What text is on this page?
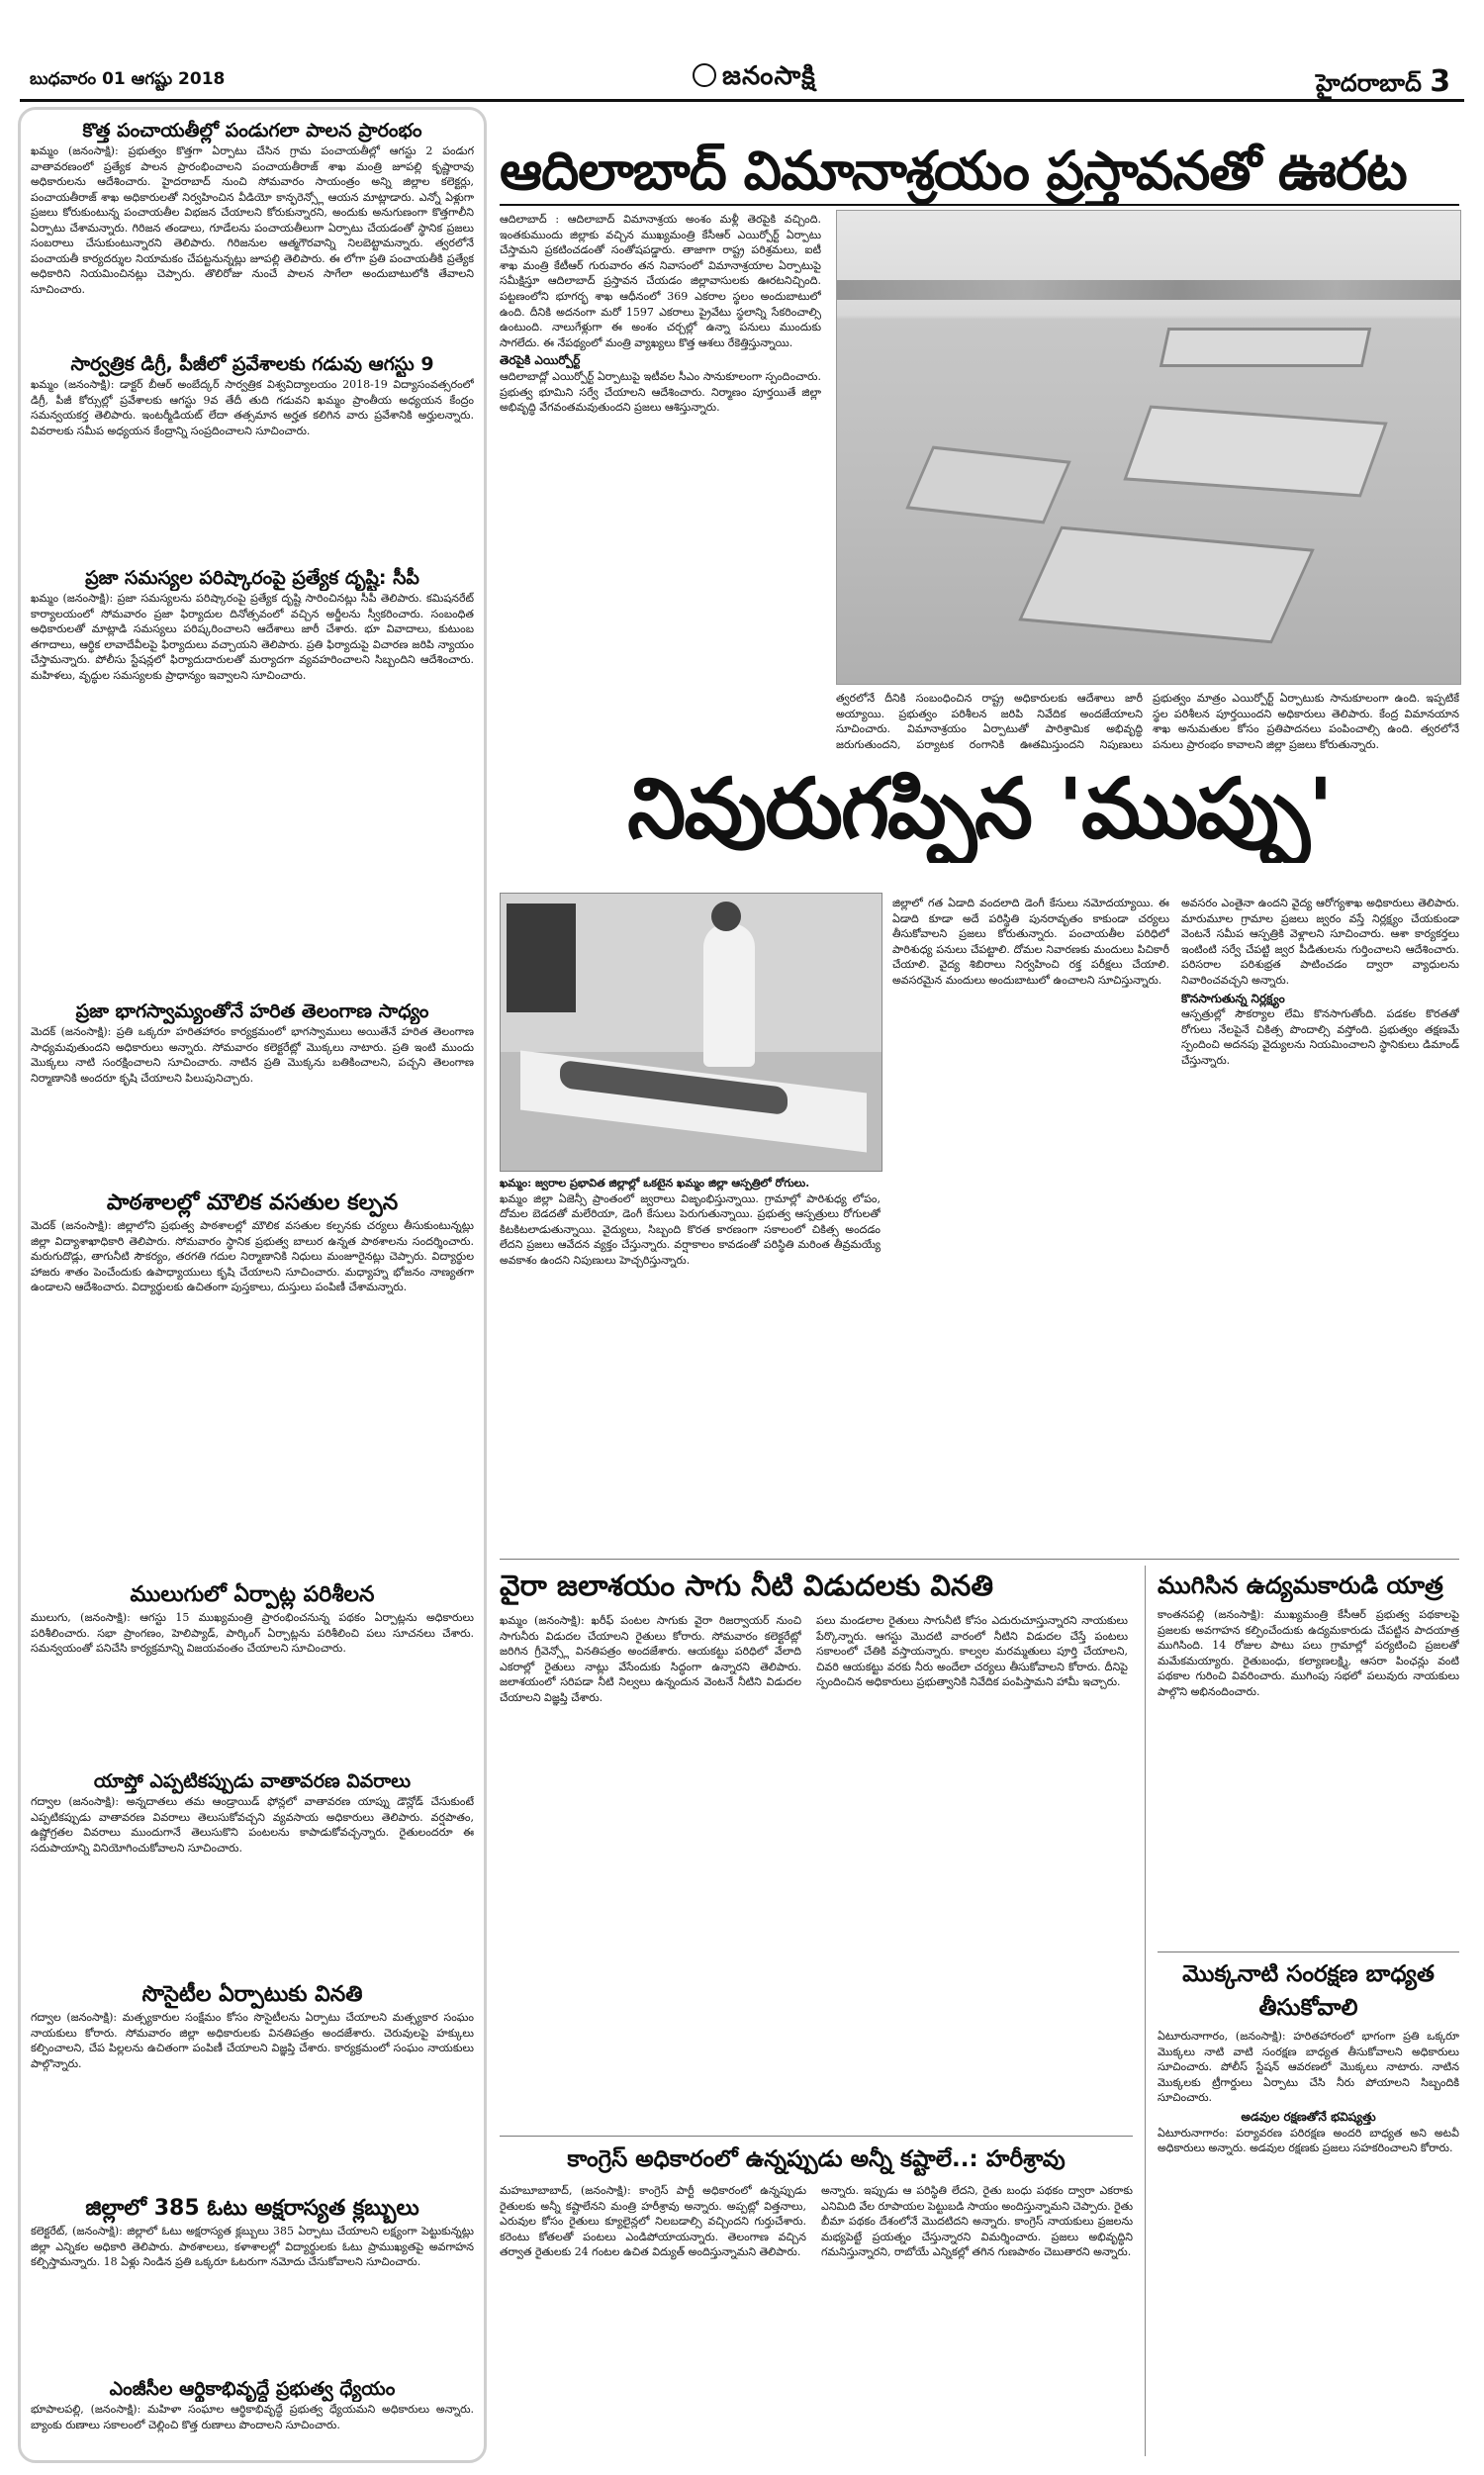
బుధవారం 01 ఆగష్టు 2018	జనంసాక్షి	హైదరాబాద్ 3
కొత్త పంచాయతీల్లో పండుగలా పాలన ప్రారంభం
ఖమ్మం (జనంసాక్షి): ప్రభుత్వం కొత్తగా ఏర్పాటు చేసిన గ్రామ పంచాయతీల్లో ఆగస్టు 2 పండుగ వాతావరణంలో ప్రత్యేక పాలన ప్రారంభించాలని పంచాయతీరాజ్ శాఖ మంత్రి జూపల్లి కృష్ణారావు అధికారులను ఆదేశించారు. హైదరాబాద్ నుంచి సోమవారం సాయంత్రం అన్ని జిల్లాల కలెక్టర్లు, పంచాయతీరాజ్ శాఖ అధికారులతో నిర్వహించిన వీడియో కాన్ఫరెన్స్లో ఆయన మాట్లాడారు. ఎన్నో ఏళ్లుగా ప్రజలు కోరుకుంటున్న పంచాయతీల విభజన చేయాలని కోరుకున్నారని, అందుకు అనుగుణంగా కొత్తగాలీని ఏర్పాటు చేశామన్నారు. గిరిజన తండాలు, గూడేలను పంచాయతీలుగా ఏర్పాటు చేయడంతో స్థానిక ప్రజలు సంబరాలు చేసుకుంటున్నారని తెలిపారు. గిరిజనుల ఆత్మగౌరవాన్ని నిలబెట్టామన్నారు. త్వరలోనే పంచాయతీ కార్యదర్శుల నియామకం చేపట్టనున్నట్లు జూపల్లి తెలిపారు. ఈ లోగా ప్రతి పంచాయతీకి ప్రత్యేక అధికారిని నియమించినట్లు చెప్పారు. తొలిరోజు నుంచే పాలన సాగేలా అందుబాటులోకి తేవాలని సూచించారు.
సార్వత్రిక డిగ్రీ, పీజీలో ప్రవేశాలకు గడువు ఆగస్టు 9
ఖమ్మం (జనంసాక్షి): డాక్టర్ బీఆర్ అంబేద్కర్ సార్వత్రిక విశ్వవిద్యాలయం 2018-19 విద్యాసంవత్సరంలో డిగ్రీ, పీజీ కోర్సుల్లో ప్రవేశాలకు ఆగస్టు 9వ తేదీ తుది గడువని ఖమ్మం ప్రాంతీయ అధ్యయన కేంద్రం సమన్వయకర్త తెలిపారు. ఇంటర్మీడియట్ లేదా తత్సమాన అర్హత కలిగిన వారు ప్రవేశానికి అర్హులన్నారు. వివరాలకు సమీప అధ్యయన కేంద్రాన్ని సంప్రదించాలని సూచించారు.
ప్రజా సమస్యల పరిష్కారంపై ప్రత్యేక దృష్టి: సీపీ
ఖమ్మం (జనంసాక్షి): ప్రజా సమస్యలను పరిష్కారంపై ప్రత్యేక దృష్టి సారించినట్లు సీపీ తెలిపారు. కమిషనరేట్ కార్యాలయంలో సోమవారం ప్రజా ఫిర్యాదుల దినోత్సవంలో వచ్చిన అర్జీలను స్వీకరించారు. సంబంధిత అధికారులతో మాట్లాడి సమస్యలు పరిష్కరించాలని ఆదేశాలు జారీ చేశారు. భూ వివాదాలు, కుటుంబ తగాదాలు, ఆర్థిక లావాదేవీలపై ఫిర్యాదులు వచ్చాయని తెలిపారు. ప్రతి ఫిర్యాదుపై విచారణ జరిపి న్యాయం చేస్తామన్నారు. పోలీసు స్టేషన్లలో ఫిర్యాదుదారులతో మర్యాదగా వ్యవహరించాలని సిబ్బందిని ఆదేశించారు. మహిళలు, వృద్ధుల సమస్యలకు ప్రాధాన్యం ఇవ్వాలని సూచించారు.
ప్రజా భాగస్వామ్యంతోనే హరిత తెలంగాణ సాధ్యం
మెదక్ (జనంసాక్షి): ప్రతి ఒక్కరూ హరితహారం కార్యక్రమంలో భాగస్వాములు అయితేనే హరిత తెలంగాణ సాధ్యమవుతుందని అధికారులు అన్నారు. సోమవారం కలెక్టరేట్లో మొక్కలు నాటారు. ప్రతి ఇంటి ముందు మొక్కలు నాటి సంరక్షించాలని సూచించారు. నాటిన ప్రతి మొక్కను బతికించాలని, పచ్చని తెలంగాణ నిర్మాణానికి అందరూ కృషి చేయాలని పిలుపునిచ్చారు.
పాఠశాలల్లో మౌలిక వసతుల కల్పన
మెదక్ (జనంసాక్షి): జిల్లాలోని ప్రభుత్వ పాఠశాలల్లో మౌలిక వసతుల కల్పనకు చర్యలు తీసుకుంటున్నట్లు జిల్లా విద్యాశాఖాధికారి తెలిపారు. సోమవారం స్థానిక ప్రభుత్వ బాలుర ఉన్నత పాఠశాలను సందర్శించారు. మరుగుదొడ్లు, తాగునీటి సౌకర్యం, తరగతి గదుల నిర్మాణానికి నిధులు మంజూరైనట్లు చెప్పారు. విద్యార్థుల హాజరు శాతం పెంచేందుకు ఉపాధ్యాయులు కృషి చేయాలని సూచించారు. మధ్యాహ్న భోజనం నాణ్యతగా ఉండాలని ఆదేశించారు. విద్యార్థులకు ఉచితంగా పుస్తకాలు, దుస్తులు పంపిణీ చేశామన్నారు.
ములుగులో ఏర్పాట్ల పరిశీలన
ములుగు, (జనంసాక్షి): ఆగస్టు 15 ముఖ్యమంత్రి ప్రారంభించనున్న పథకం ఏర్పాట్లను అధికారులు పరిశీలించారు. సభా ప్రాంగణం, హెలిప్యాడ్, పార్కింగ్ ఏర్పాట్లను పరిశీలించి పలు సూచనలు చేశారు. సమన్వయంతో పనిచేసి కార్యక్రమాన్ని విజయవంతం చేయాలని సూచించారు.
యాప్తో ఎప్పటికప్పుడు వాతావరణ వివరాలు
గద్వాల (జనంసాక్షి): అన్నదాతలు తమ ఆండ్రాయిడ్ ఫోన్లలో వాతావరణ యాప్ను డౌన్లోడ్ చేసుకుంటే ఎప్పటికప్పుడు వాతావరణ వివరాలు తెలుసుకోవచ్చని వ్యవసాయ అధికారులు తెలిపారు. వర్షపాతం, ఉష్ణోగ్రతల వివరాలు ముందుగానే తెలుసుకొని పంటలను కాపాడుకోవచ్చన్నారు. రైతులందరూ ఈ సదుపాయాన్ని వినియోగించుకోవాలని సూచించారు.
సొసైటీల ఏర్పాటుకు వినతి
గద్వాల (జనంసాక్షి): మత్స్యకారుల సంక్షేమం కోసం సొసైటీలను ఏర్పాటు చేయాలని మత్స్యకార సంఘం నాయకులు కోరారు. సోమవారం జిల్లా అధికారులకు వినతిపత్రం అందజేశారు. చెరువులపై హక్కులు కల్పించాలని, చేప పిల్లలను ఉచితంగా పంపిణీ చేయాలని విజ్ఞప్తి చేశారు. కార్యక్రమంలో సంఘం నాయకులు పాల్గొన్నారు.
జిల్లాలో 385 ఓటు అక్షరాస్యత క్లబ్బులు
కలెక్టరేట్, (జనంసాక్షి): జిల్లాలో ఓటు అక్షరాస్యత క్లబ్బులు 385 ఏర్పాటు చేయాలని లక్ష్యంగా పెట్టుకున్నట్లు జిల్లా ఎన్నికల అధికారి తెలిపారు. పాఠశాలలు, కళాశాలల్లో విద్యార్థులకు ఓటు ప్రాముఖ్యతపై అవగాహన కల్పిస్తామన్నారు. 18 ఏళ్లు నిండిన ప్రతి ఒక్కరూ ఓటరుగా నమోదు చేసుకోవాలని సూచించారు.
ఎంజీసీల ఆర్థికాభివృద్దే ప్రభుత్వ ధ్యేయం
భూపాలపల్లి, (జనంసాక్షి): మహిళా సంఘాల ఆర్థికాభివృద్ధే ప్రభుత్వ ధ్యేయమని అధికారులు అన్నారు. బ్యాంకు రుణాలు సకాలంలో చెల్లించి కొత్త రుణాలు పొందాలని సూచించారు.
ఆదిలాబాద్ విమానాశ్రయం ప్రస్తావనతో ఊరట
ఆదిలాబాద్ : ఆదిలాబాద్ విమానాశ్రయ అంశం మళ్లీ తెరపైకి వచ్చింది. ఇంతకుముందు జిల్లాకు వచ్చిన ముఖ్యమంత్రి కేసీఆర్ ఎయిర్పోర్ట్ ఏర్పాటు చేస్తామని ప్రకటించడంతో సంతోషపడ్డారు. తాజాగా రాష్ట్ర పరిశ్రమలు, ఐటీ శాఖ మంత్రి కేటీఆర్ గురువారం తన నివాసంలో విమానాశ్రయాల ఏర్పాటుపై సమీక్షిస్తూ ఆదిలాబాద్ ప్రస్తావన చేయడం జిల్లావాసులకు ఊరటనిచ్చింది. పట్టణంలోని భూగర్భ శాఖ ఆధీనంలో 369 ఎకరాల స్థలం అందుబాటులో ఉంది. దీనికి అదనంగా మరో 1597 ఎకరాలు ప్రైవేటు స్థలాన్ని సేకరించాల్సి ఉంటుంది. నాలుగేళ్లుగా ఈ అంశం చర్చల్లో ఉన్నా పనులు ముందుకు సాగలేదు. ఈ నేపథ్యంలో మంత్రి వ్యాఖ్యలు కొత్త ఆశలు రేకెత్తిస్తున్నాయి.
తెరపైకి ఎయిర్పోర్ట్
ఆదిలాబాద్లో ఎయిర్పోర్ట్ ఏర్పాటుపై ఇటీవల సీఎం సానుకూలంగా స్పందించారు. ప్రభుత్వ భూమిని సర్వే చేయాలని ఆదేశించారు. నిర్మాణం పూర్తయితే జిల్లా అభివృద్ధి వేగవంతమవుతుందని ప్రజలు ఆశిస్తున్నారు.
త్వరలోనే దీనికి సంబంధించిన రాష్ట్ర అధికారులకు ఆదేశాలు జారీ అయ్యాయి. ప్రభుత్వం పరిశీలన జరిపి నివేదిక అందజేయాలని సూచించారు. విమానాశ్రయం ఏర్పాటుతో పారిశ్రామిక అభివృద్ధి జరుగుతుందని, పర్యాటక రంగానికి ఊతమిస్తుందని నిపుణులు
ప్రభుత్వం మాత్రం ఎయిర్పోర్ట్ ఏర్పాటుకు సానుకూలంగా ఉంది. ఇప్పటికే స్థల పరిశీలన పూర్తయిందని అధికారులు తెలిపారు. కేంద్ర విమానయాన శాఖ అనుమతుల కోసం ప్రతిపాదనలు పంపించాల్సి ఉంది. త్వరలోనే పనులు ప్రారంభం కావాలని జిల్లా ప్రజలు కోరుతున్నారు.
నివురుగప్పిన 'ముప్పు'
ఖమ్మం: జ్వరాల ప్రభావిత జిల్లాల్లో ఒకటైన ఖమ్మం జిల్లా ఆస్పత్రిలో రోగులు.
ఖమ్మం జిల్లా ఏజెన్సీ ప్రాంతంలో జ్వరాలు విజృంభిస్తున్నాయి. గ్రామాల్లో పారిశుధ్య లోపం, దోమల బెడదతో మలేరియా, డెంగీ కేసులు పెరుగుతున్నాయి. ప్రభుత్వ ఆస్పత్రులు రోగులతో కిటకిటలాడుతున్నాయి. వైద్యులు, సిబ్బంది కొరత కారణంగా సకాలంలో చికిత్స అందడం లేదని ప్రజలు ఆవేదన వ్యక్తం చేస్తున్నారు. వర్షాకాలం కావడంతో పరిస్థితి మరింత తీవ్రమయ్యే అవకాశం ఉందని నిపుణులు హెచ్చరిస్తున్నారు.
జిల్లాలో గత ఏడాది వందలాది డెంగీ కేసులు నమోదయ్యాయి. ఈ ఏడాది కూడా అదే పరిస్థితి పునరావృతం కాకుండా చర్యలు తీసుకోవాలని ప్రజలు కోరుతున్నారు. పంచాయతీల పరిధిలో పారిశుధ్య పనులు చేపట్టాలి. దోమల నివారణకు మందులు పిచికారీ చేయాలి. వైద్య శిబిరాలు నిర్వహించి రక్త పరీక్షలు చేయాలి. అవసరమైన మందులు అందుబాటులో ఉంచాలని సూచిస్తున్నారు.
అవసరం ఎంతైనా ఉందని వైద్య ఆరోగ్యశాఖ అధికారులు తెలిపారు. మారుమూల గ్రామాల ప్రజలు జ్వరం వస్తే నిర్లక్ష్యం చేయకుండా వెంటనే సమీప ఆస్పత్రికి వెళ్లాలని సూచించారు. ఆశా కార్యకర్తలు ఇంటింటి సర్వే చేపట్టి జ్వర పీడితులను గుర్తించాలని ఆదేశించారు. పరిసరాల పరిశుభ్రత పాటించడం ద్వారా వ్యాధులను నివారించవచ్చని అన్నారు.
కొనసాగుతున్న నిర్లక్ష్యం
ఆస్పత్రుల్లో సౌకర్యాల లేమి కొనసాగుతోంది. పడకల కొరతతో రోగులు నేలపైనే చికిత్స పొందాల్సి వస్తోంది. ప్రభుత్వం తక్షణమే స్పందించి అదనపు వైద్యులను నియమించాలని స్థానికులు డిమాండ్ చేస్తున్నారు.
వైరా జలాశయం సాగు నీటి విడుదలకు వినతి
ఖమ్మం (జనంసాక్షి): ఖరీఫ్ పంటల సాగుకు వైరా రిజర్వాయర్ నుంచి సాగునీరు విడుదల చేయాలని రైతులు కోరారు. సోమవారం కలెక్టరేట్లో జరిగిన గ్రీవెన్స్లో వినతిపత్రం అందజేశారు. ఆయకట్టు పరిధిలో వేలాది ఎకరాల్లో రైతులు నాట్లు వేసేందుకు సిద్ధంగా ఉన్నారని తెలిపారు. జలాశయంలో సరిపడా నీటి నిల్వలు ఉన్నందున వెంటనే నీటిని విడుదల చేయాలని విజ్ఞప్తి చేశారు.
పలు మండలాల రైతులు సాగునీటి కోసం ఎదురుచూస్తున్నారని నాయకులు పేర్కొన్నారు. ఆగస్టు మొదటి వారంలో నీటిని విడుదల చేస్తే పంటలు సకాలంలో చేతికి వస్తాయన్నారు. కాల్వల మరమ్మతులు పూర్తి చేయాలని, చివరి ఆయకట్టు వరకు నీరు అందేలా చర్యలు తీసుకోవాలని కోరారు. దీనిపై స్పందించిన అధికారులు ప్రభుత్వానికి నివేదిక పంపిస్తామని హామీ ఇచ్చారు.
ముగిసిన ఉద్యమకారుడి యాత్ర
కాంతనపల్లి (జనంసాక్షి): ముఖ్యమంత్రి కేసీఆర్ ప్రభుత్వ పథకాలపై ప్రజలకు అవగాహన కల్పించేందుకు ఉద్యమకారుడు చేపట్టిన పాదయాత్ర ముగిసింది. 14 రోజుల పాటు పలు గ్రామాల్లో పర్యటించి ప్రజలతో మమేకమయ్యారు. రైతుబంధు, కల్యాణలక్ష్మి, ఆసరా పింఛన్లు వంటి పథకాల గురించి వివరించారు. ముగింపు సభలో పలువురు నాయకులు పాల్గొని అభినందించారు.
మొక్కనాటి సంరక్షణ బాధ్యత తీసుకోవాలి
ఏటూరునాగారం, (జనంసాక్షి): హరితహారంలో భాగంగా ప్రతి ఒక్కరూ మొక్కలు నాటి వాటి సంరక్షణ బాధ్యత తీసుకోవాలని అధికారులు సూచించారు. పోలీస్ స్టేషన్ ఆవరణలో మొక్కలు నాటారు. నాటిన మొక్కలకు ట్రీగార్డులు ఏర్పాటు చేసి నీరు పోయాలని సిబ్బందికి సూచించారు.
అడవుల రక్షణతోనే భవిష్యత్తు
ఏటూరునాగారం: పర్యావరణ పరిరక్షణ అందరి బాధ్యత అని అటవీ అధికారులు అన్నారు. అడవుల రక్షణకు ప్రజలు సహకరించాలని కోరారు.
కాంగ్రెస్ అధికారంలో ఉన్నప్పుడు అన్నీ కష్టాలే..: హరీశ్రావు
మహబూబాబాద్, (జనంసాక్షి): కాంగ్రెస్ పార్టీ అధికారంలో ఉన్నప్పుడు రైతులకు అన్నీ కష్టాలేనని మంత్రి హరీశ్రావు అన్నారు. అప్పట్లో విత్తనాలు, ఎరువుల కోసం రైతులు క్యూలైన్లలో నిలబడాల్సి వచ్చిందని గుర్తుచేశారు. కరెంటు కోతలతో పంటలు ఎండిపోయాయన్నారు. తెలంగాణ వచ్చిన తర్వాత రైతులకు 24 గంటల ఉచిత విద్యుత్ అందిస్తున్నామని తెలిపారు.
అన్నారు. ఇప్పుడు ఆ పరిస్థితి లేదని, రైతు బంధు పథకం ద్వారా ఎకరాకు ఎనిమిది వేల రూపాయల పెట్టుబడి సాయం అందిస్తున్నామని చెప్పారు. రైతు బీమా పథకం దేశంలోనే మొదటిదని అన్నారు. కాంగ్రెస్ నాయకులు ప్రజలను మభ్యపెట్టే ప్రయత్నం చేస్తున్నారని విమర్శించారు. ప్రజలు అభివృద్ధిని గమనిస్తున్నారని, రాబోయే ఎన్నికల్లో తగిన గుణపాఠం చెబుతారని అన్నారు.
